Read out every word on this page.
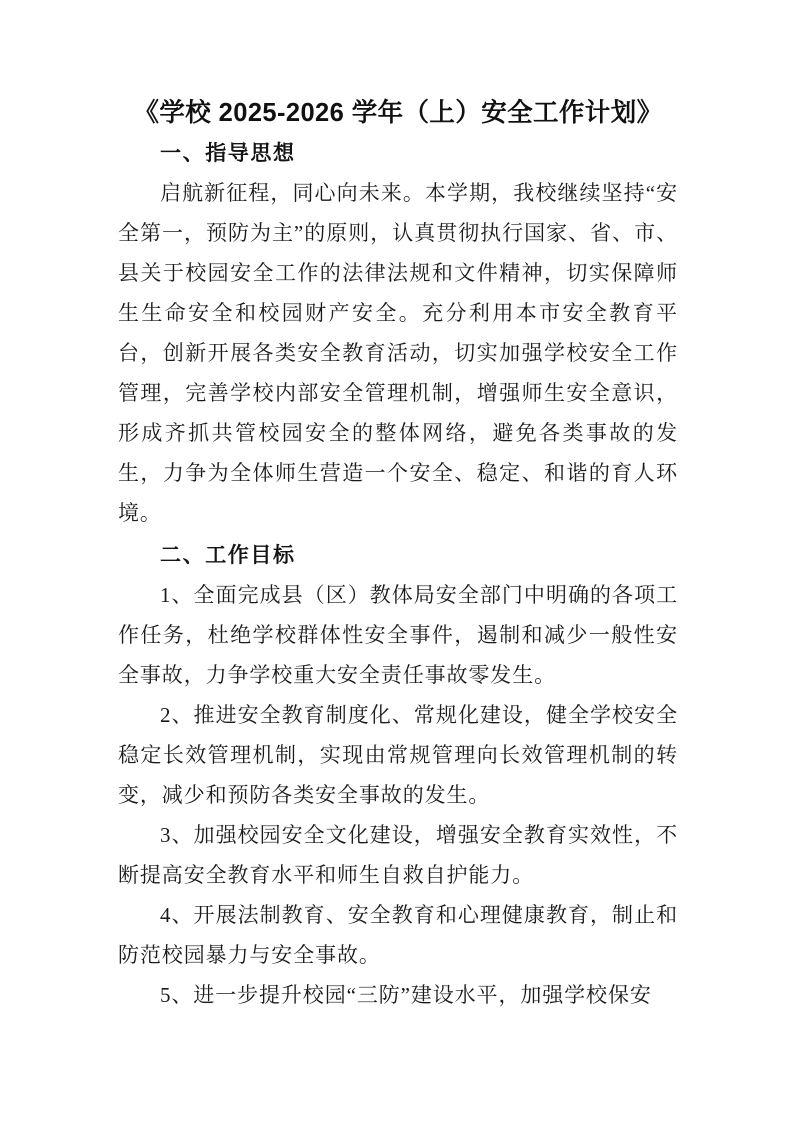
《学校 2025-2026 学年（上）安全工作计划》
一、指导思想

启航新征程，同心向未来。本学期，我校继续坚持“安全第一，预防为主”的原则，认真贯彻执行国家、省、市、县关于校园安全工作的法律法规和文件精神，切实保障师生生命安全和校园财产安全。充分利用本市安全教育平台，创新开展各类安全教育活动，切实加强学校安全工作管理，完善学校内部安全管理机制，增强师生安全意识，形成齐抓共管校园安全的整体网络，避免各类事故的发生，力争为全体师生营造一个安全、稳定、和谐的育人环境。

二、工作目标

1、全面完成县（区）教体局安全部门中明确的各项工作任务，杜绝学校群体性安全事件，遏制和减少一般性安全事故，力争学校重大安全责任事故零发生。

2、推进安全教育制度化、常规化建设，健全学校安全稳定长效管理机制，实现由常规管理向长效管理机制的转变，减少和预防各类安全事故的发生。

3、加强校园安全文化建设，增强安全教育实效性，不断提高安全教育水平和师生自救自护能力。

4、开展法制教育、安全教育和心理健康教育，制止和防范校园暴力与安全事故。

5、进一步提升校园“三防”建设水平，加强学校保安
